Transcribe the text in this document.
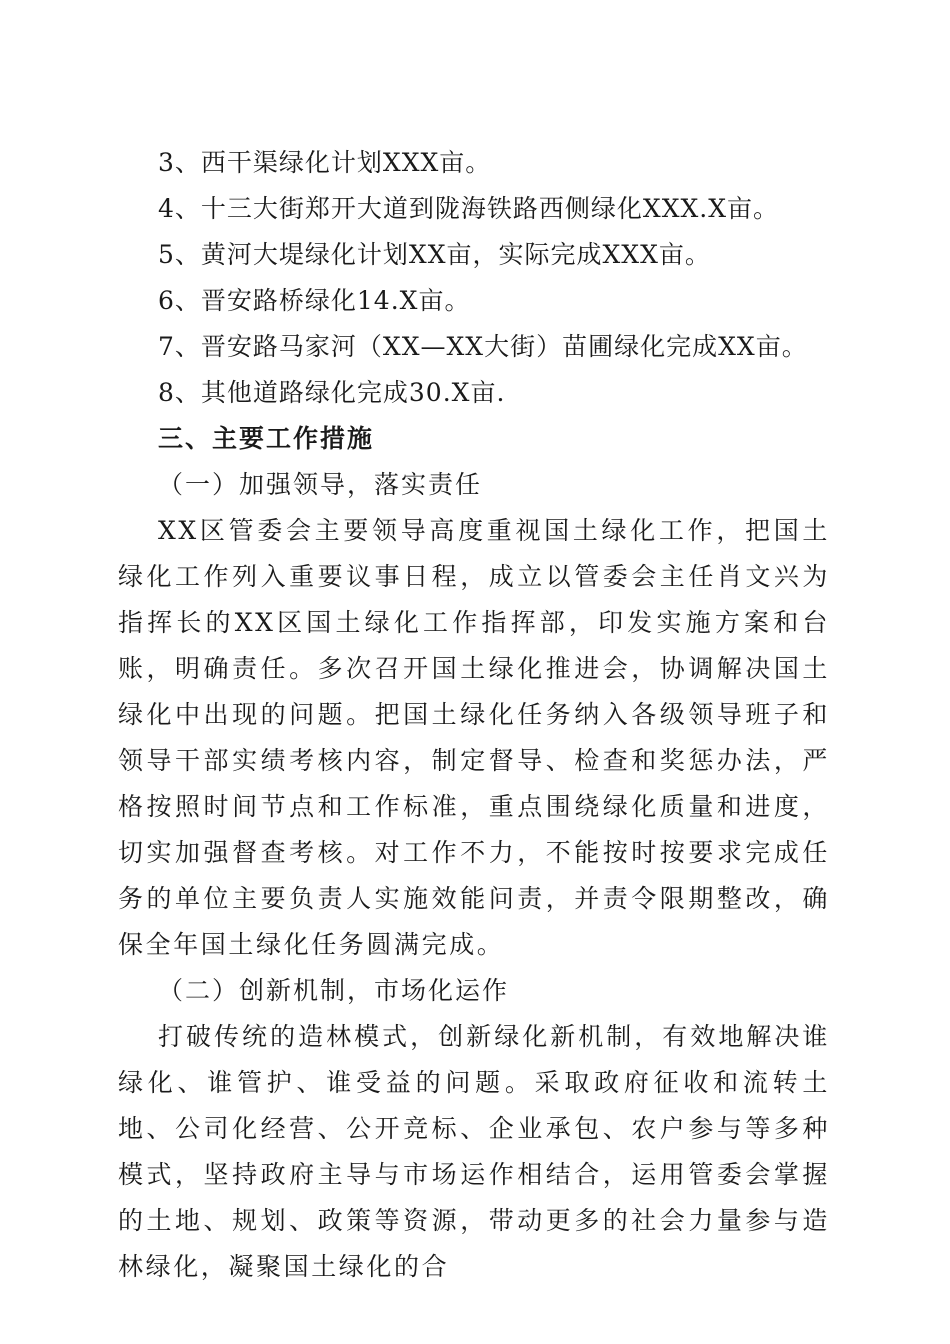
3、西干渠绿化计划XXX亩。
4、十三大街郑开大道到陇海铁路西侧绿化XXX.X亩。
5、黄河大堤绿化计划XX亩，实际完成XXX亩。
6、晋安路桥绿化14.X亩。
7、晋安路马家河（XX—XX大街）苗圃绿化完成XX亩。
8、其他道路绿化完成30.X亩.
三、主要工作措施
（一）加强领导，落实责任

XX区管委会主要领导高度重视国土绿化工作，把国土绿化工作列入重要议事日程，成立以管委会主任肖文兴为指挥长的XX区国土绿化工作指挥部，印发实施方案和台账，明确责任。多次召开国土绿化推进会，协调解决国土绿化中出现的问题。把国土绿化任务纳入各级领导班子和领导干部实绩考核内容，制定督导、检查和奖惩办法，严格按照时间节点和工作标准，重点围绕绿化质量和进度，切实加强督查考核。对工作不力，不能按时按要求完成任务的单位主要负责人实施效能问责，并责令限期整改，确保全年国土绿化任务圆满完成。

（二）创新机制，市场化运作

打破传统的造林模式，创新绿化新机制，有效地解决谁绿化、谁管护、谁受益的问题。采取政府征收和流转土地、公司化经营、公开竞标、企业承包、农户参与等多种模式，坚持政府主导与市场运作相结合，运用管委会掌握的土地、规划、政策等资源，带动更多的社会力量参与造林绿化，凝聚国土绿化的合
